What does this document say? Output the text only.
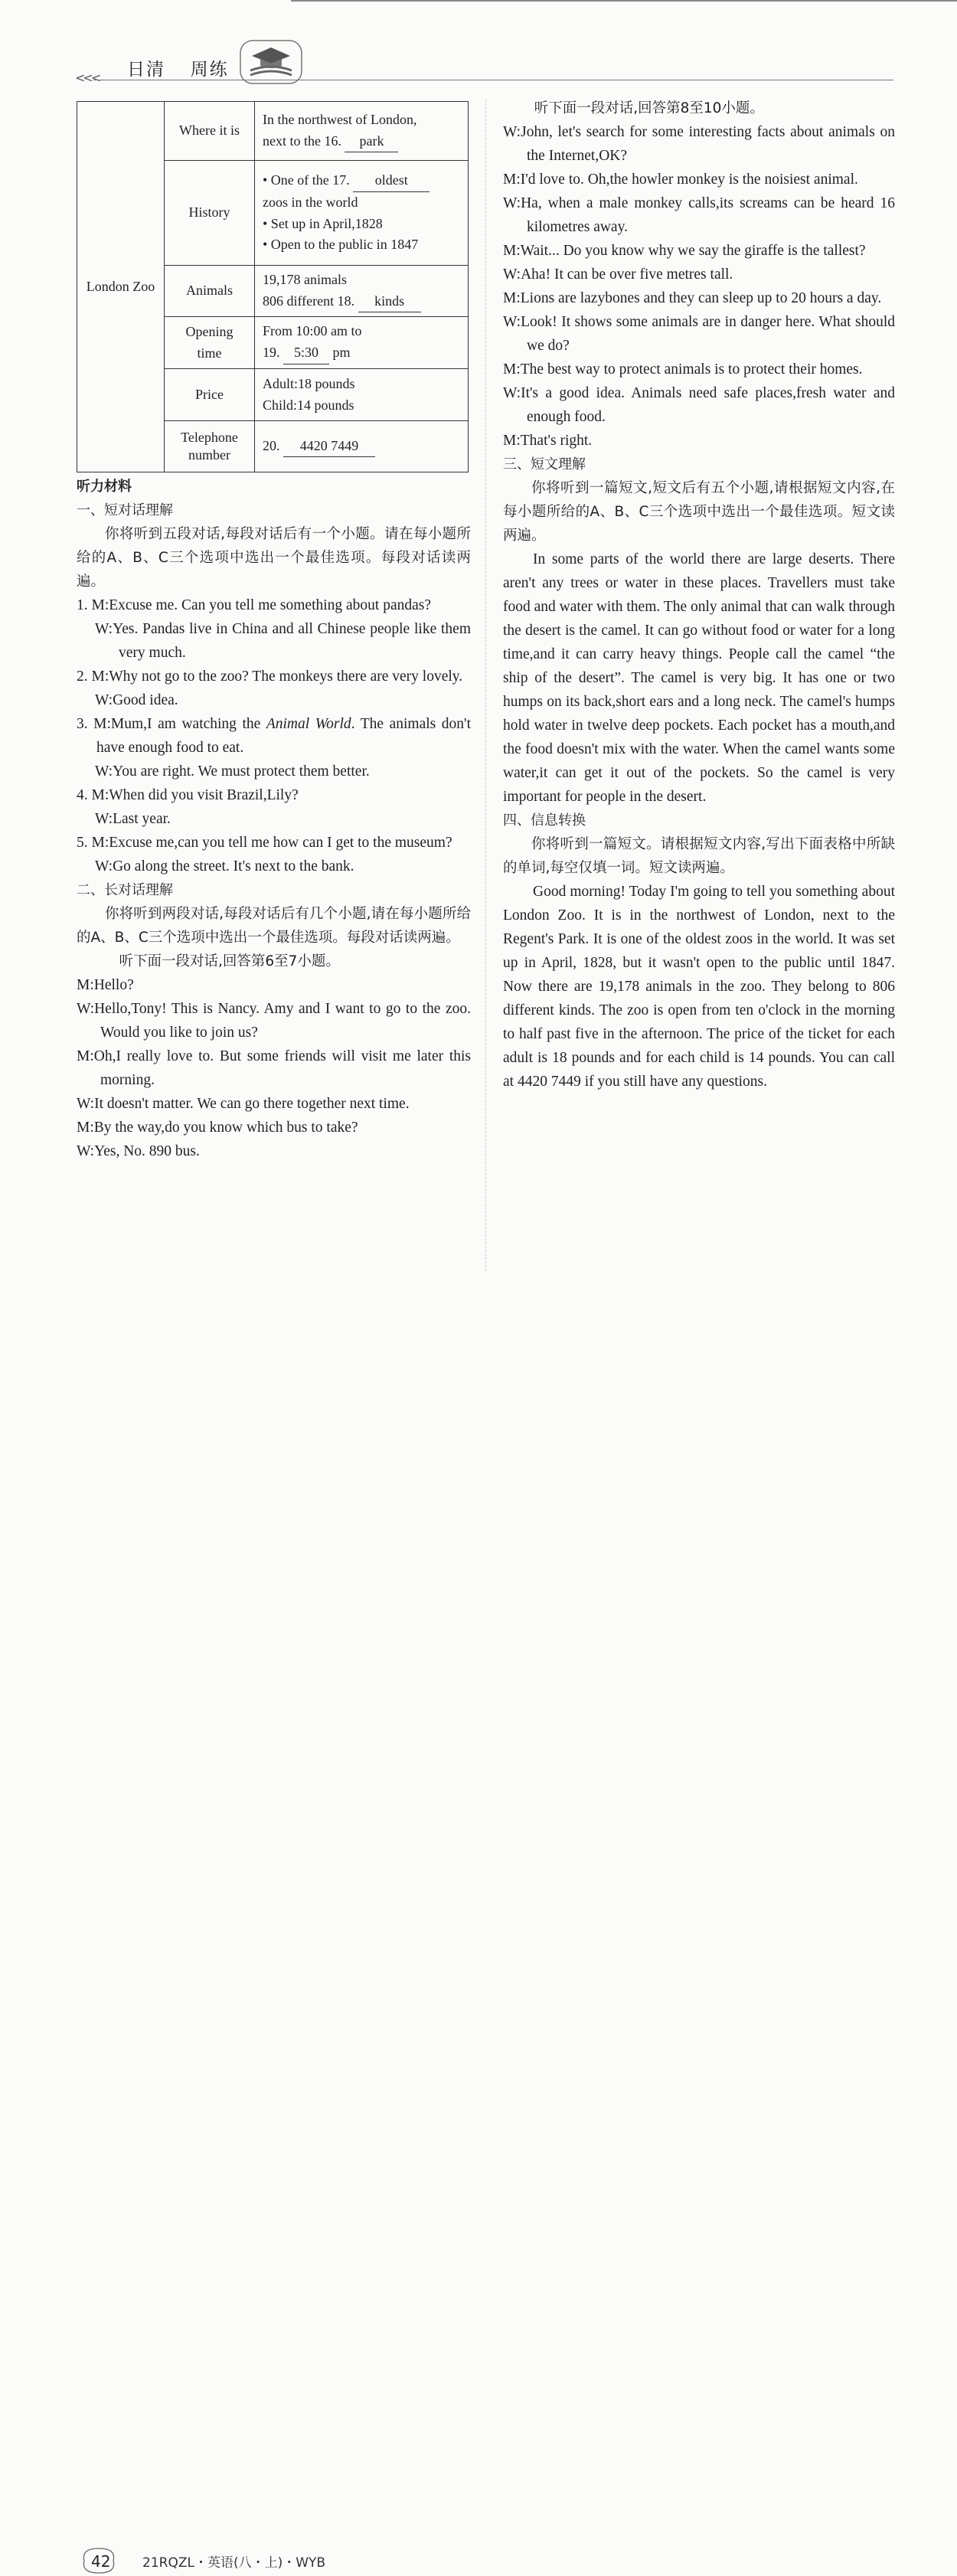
<<< 日清 周练
London Zoo	Where it is	In the northwest of London,
next to the 16. park

	History	• One of the 17. oldest
zoos in the world
• Set up in April,1828
• Open to the public in 1847

	Animals	19,178 animals
806 different 18. kinds

	Opening time	From 10:00 am to
19. 5:30 pm

	Price	Adult:18 pounds
Child:14 pounds

	Telephone
number	20. 4420 7449

听力材料

一、短对话理解

你将听到五段对话,每段对话后有一个小题。请在每小题所给的A、B、C三个选项中选出一个最佳选项。每段对话读两遍。

1. M:Excuse me. Can you tell me something about pandas?

W:Yes. Pandas live in China and all Chinese people like them very much.

2. M:Why not go to the zoo? The monkeys there are very lovely.

W:Good idea.

3. M:Mum,I am watching the Animal World. The animals don't have enough food to eat.

W:You are right. We must protect them better.

4. M:When did you visit Brazil,Lily?

W:Last year.

5. M:Excuse me,can you tell me how can I get to the museum?

W:Go along the street. It's next to the bank.

二、长对话理解

你将听到两段对话,每段对话后有几个小题,请在每小题所给的A、B、C三个选项中选出一个最佳选项。每段对话读两遍。

听下面一段对话,回答第6至7小题。

M:Hello?

W:Hello,Tony! This is Nancy. Amy and I want to go to the zoo. Would you like to join us?

M:Oh,I really love to. But some friends will visit me later this morning.

W:It doesn't matter. We can go there together next time.

M:By the way,do you know which bus to take?

W:Yes, No. 890 bus.

听下面一段对话,回答第8至10小题。

W:John, let's search for some interesting facts about animals on the Internet,OK?

M:I'd love to. Oh,the howler monkey is the noisiest animal.

W:Ha, when a male monkey calls,its screams can be heard 16 kilometres away.

M:Wait... Do you know why we say the giraffe is the tallest?

W:Aha! It can be over five metres tall.

M:Lions are lazybones and they can sleep up to 20 hours a day.

W:Look! It shows some animals are in danger here. What should we do?

M:The best way to protect animals is to protect their homes.

W:It's a good idea. Animals need safe places,fresh water and enough food.

M:That's right.

三、短文理解

你将听到一篇短文,短文后有五个小题,请根据短文内容,在每小题所给的A、B、C三个选项中选出一个最佳选项。短文读两遍。

In some parts of the world there are large deserts. There aren't any trees or water in these places. Travellers must take food and water with them. The only animal that can walk through the desert is the camel. It can go without food or water for a long time,and it can carry heavy things. People call the camel “the ship of the desert”. The camel is very big. It has one or two humps on its back,short ears and a long neck. The camel's humps hold water in twelve deep pockets. Each pocket has a mouth,and the food doesn't mix with the water. When the camel wants some water,it can get it out of the pockets. So the camel is very important for people in the desert.

四、信息转换

你将听到一篇短文。请根据短文内容,写出下面表格中所缺的单词,每空仅填一词。短文读两遍。

Good morning! Today I'm going to tell you something about London Zoo. It is in the northwest of London, next to the Regent's Park. It is one of the oldest zoos in the world. It was set up in April, 1828, but it wasn't open to the public until 1847. Now there are 19,178 animals in the zoo. They belong to 806 different kinds. The zoo is open from ten o'clock in the morning to half past five in the afternoon. The price of the ticket for each adult is 18 pounds and for each child is 14 pounds. You can call at 4420 7449 if you still have any questions.

42 21RQZL・英语(八・上)・WYB
